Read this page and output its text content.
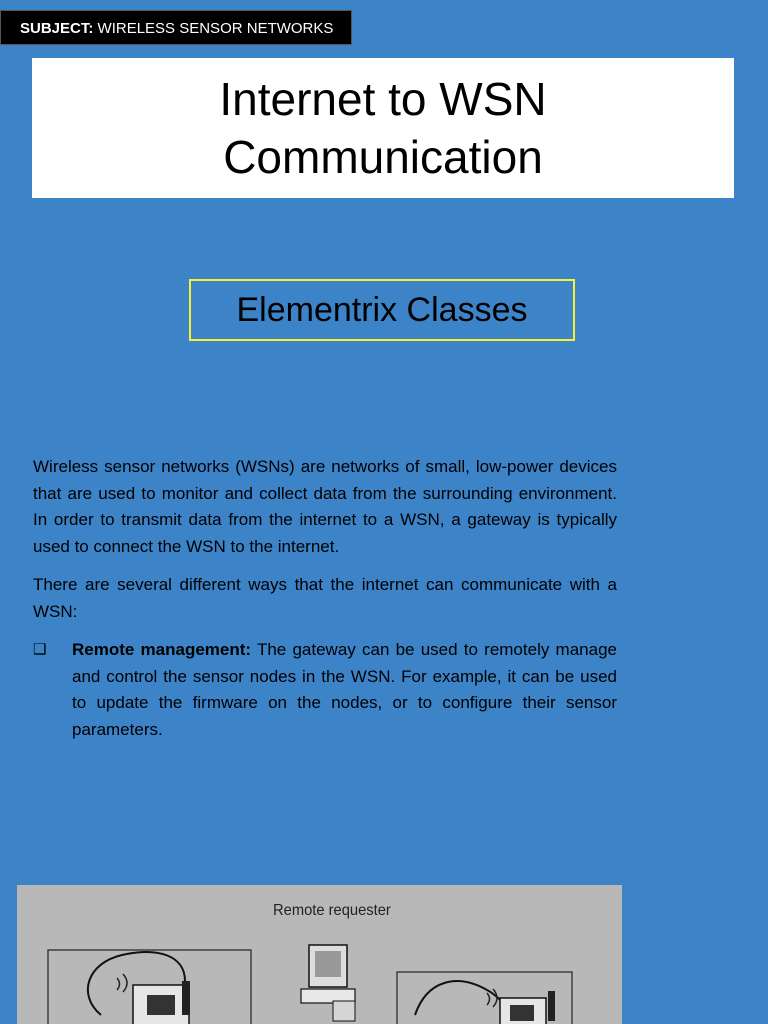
SUBJECT: WIRELESS SENSOR NETWORKS
Internet to WSN
Communication
Elementrix Classes

Wireless sensor networks (WSNs) are networks of small, low-power devices that are used to monitor and collect data from the surrounding environment. In order to transmit data from the internet to a WSN, a gateway is typically used to connect the WSN to the internet.

There are several different ways that the internet can communicate with a WSN:

❑	Remote management: The gateway can be used to remotely manage and control the sensor nodes in the WSN. For example, it can be used to update the firmware on the nodes, or to configure their sensor parameters.
Remote requester
